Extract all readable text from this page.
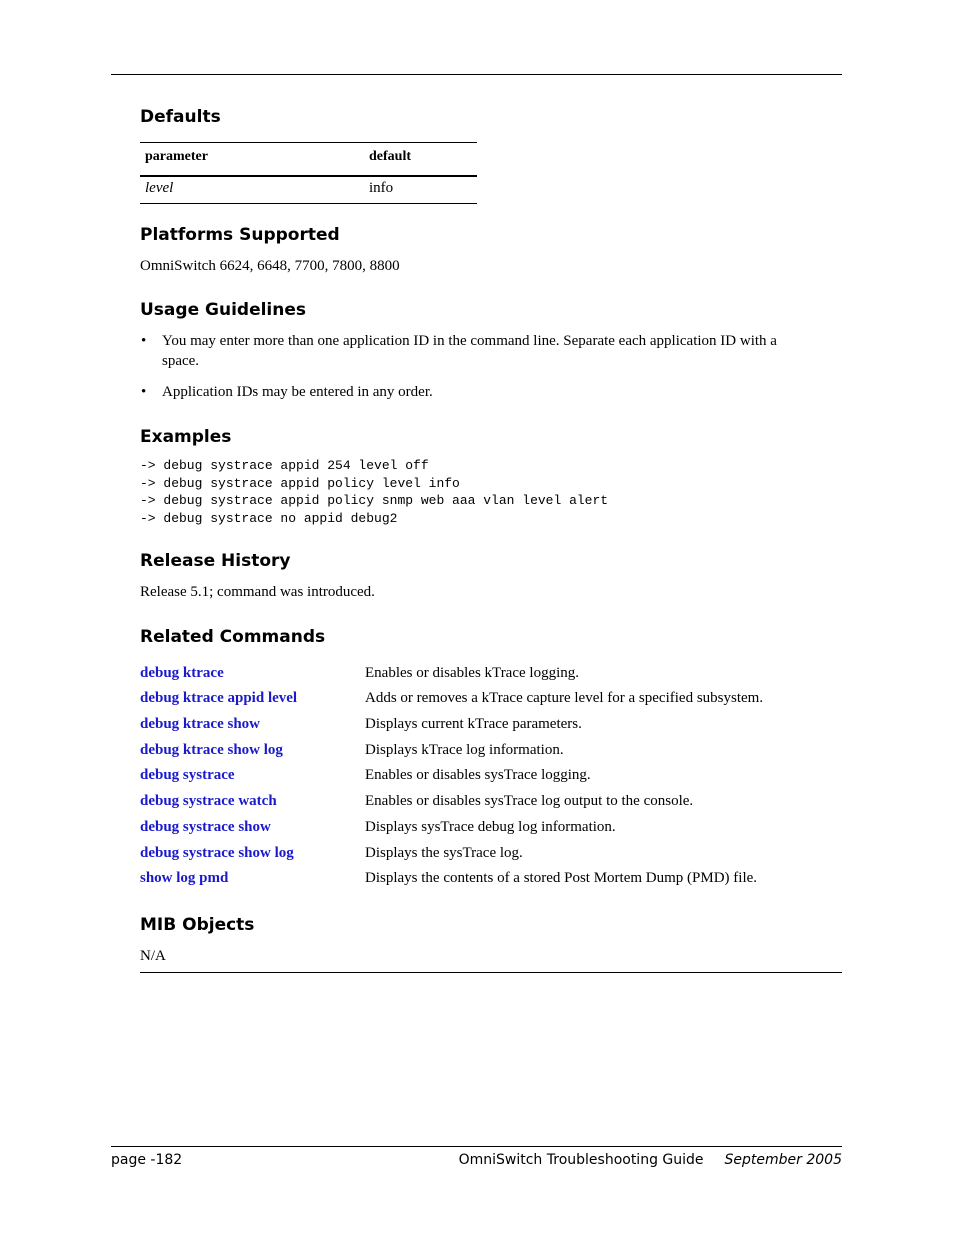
Defaults
parameter	default
level	info
Platforms Supported
OmniSwitch 6624, 6648, 7700, 7800, 8800
Usage Guidelines
• You may enter more than one application ID in the command line. Separate each application ID with a
space.
• Application IDs may be entered in any order.
Examples
-> debug systrace appid 254 level off
-> debug systrace appid policy level info
-> debug systrace appid policy snmp web aaa vlan level alert
-> debug systrace no appid debug2
Release History
Release 5.1; command was introduced.
Related Commands
debug ktrace	Enables or disables kTrace logging.
debug ktrace appid level	Adds or removes a kTrace capture level for a specified subsystem.
debug ktrace show	Displays current kTrace parameters.
debug ktrace show log	Displays kTrace log information.
debug systrace	Enables or disables sysTrace logging.
debug systrace watch	Enables or disables sysTrace log output to the console.
debug systrace show	Displays sysTrace debug log information.
debug systrace show log	Displays the sysTrace log.
show log pmd	Displays the contents of a stored Post Mortem Dump (PMD) file.
MIB Objects
N/A
page -182	OmniSwitch Troubleshooting Guide September 2005
